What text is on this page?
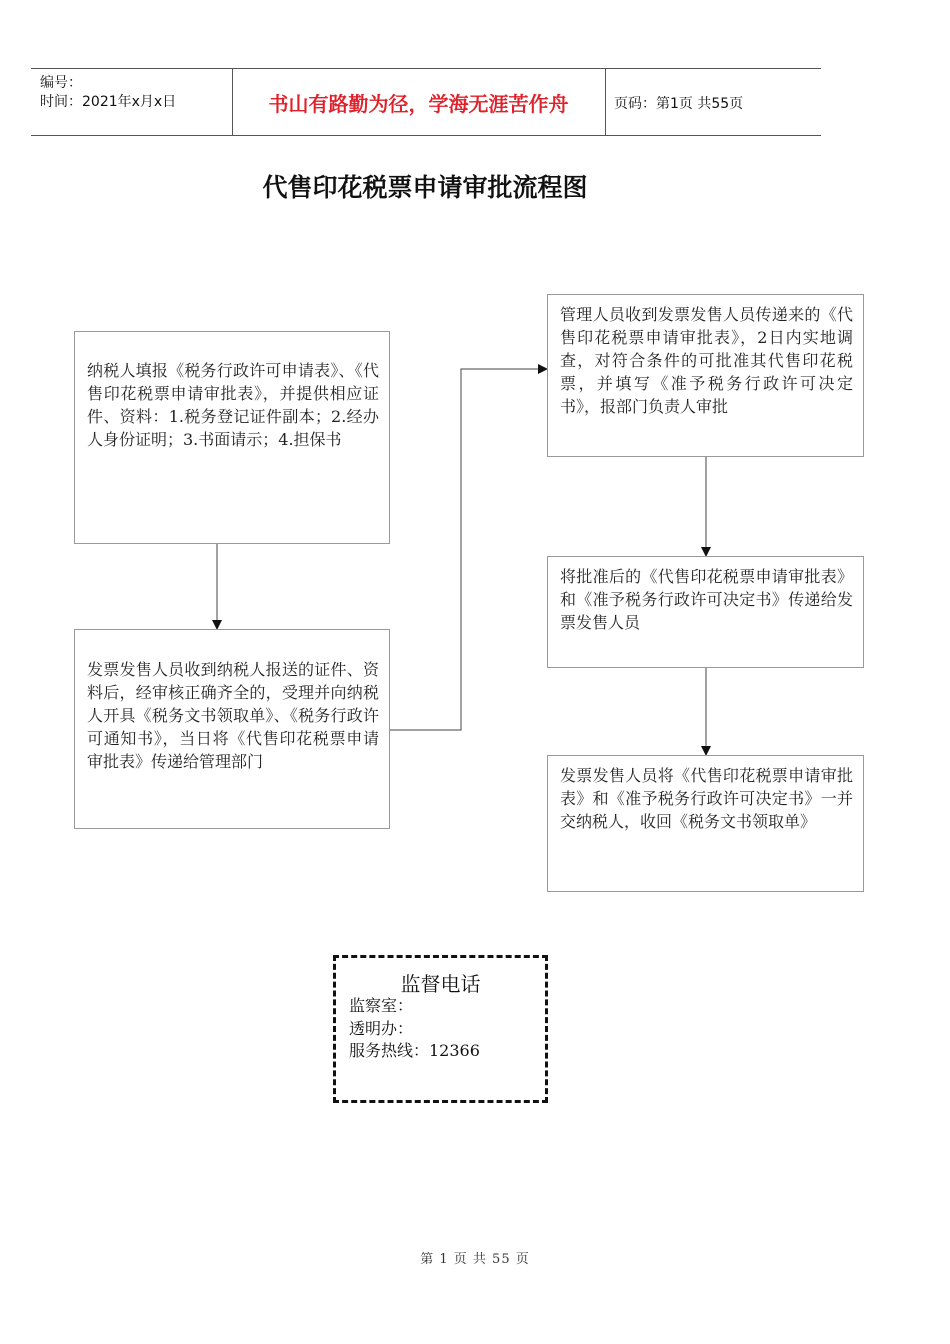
编号：
时间：2021年x月x日	书山有路勤为径，学海无涯苦作舟	页码：第1页 共55页
代售印花税票申请审批流程图
纳税人填报《税务行政许可申请表》、《代售印花税票申请审批表》，并提供相应证件、资料：1.税务登记证件副本；2.经办人身份证明；3.书面请示；4.担保书
发票发售人员收到纳税人报送的证件、资料后，经审核正确齐全的，受理并向纳税人开具《税务文书领取单》、《税务行政许可通知书》，当日将《代售印花税票申请审批表》传递给管理部门
管理人员收到发票发售人员传递来的《代售印花税票申请审批表》，2日内实地调查，对符合条件的可批准其代售印花税票，并填写《准予税务行政许可决定书》，报部门负责人审批
将批准后的《代售印花税票申请审批表》和《准予税务行政许可决定书》传递给发票发售人员
发票发售人员将《代售印花税票申请审批表》和《准予税务行政许可决定书》一并交纳税人，收回《税务文书领取单》
监督电话
监察室：
透明办：
服务热线：12366
第 1 页 共 55 页
